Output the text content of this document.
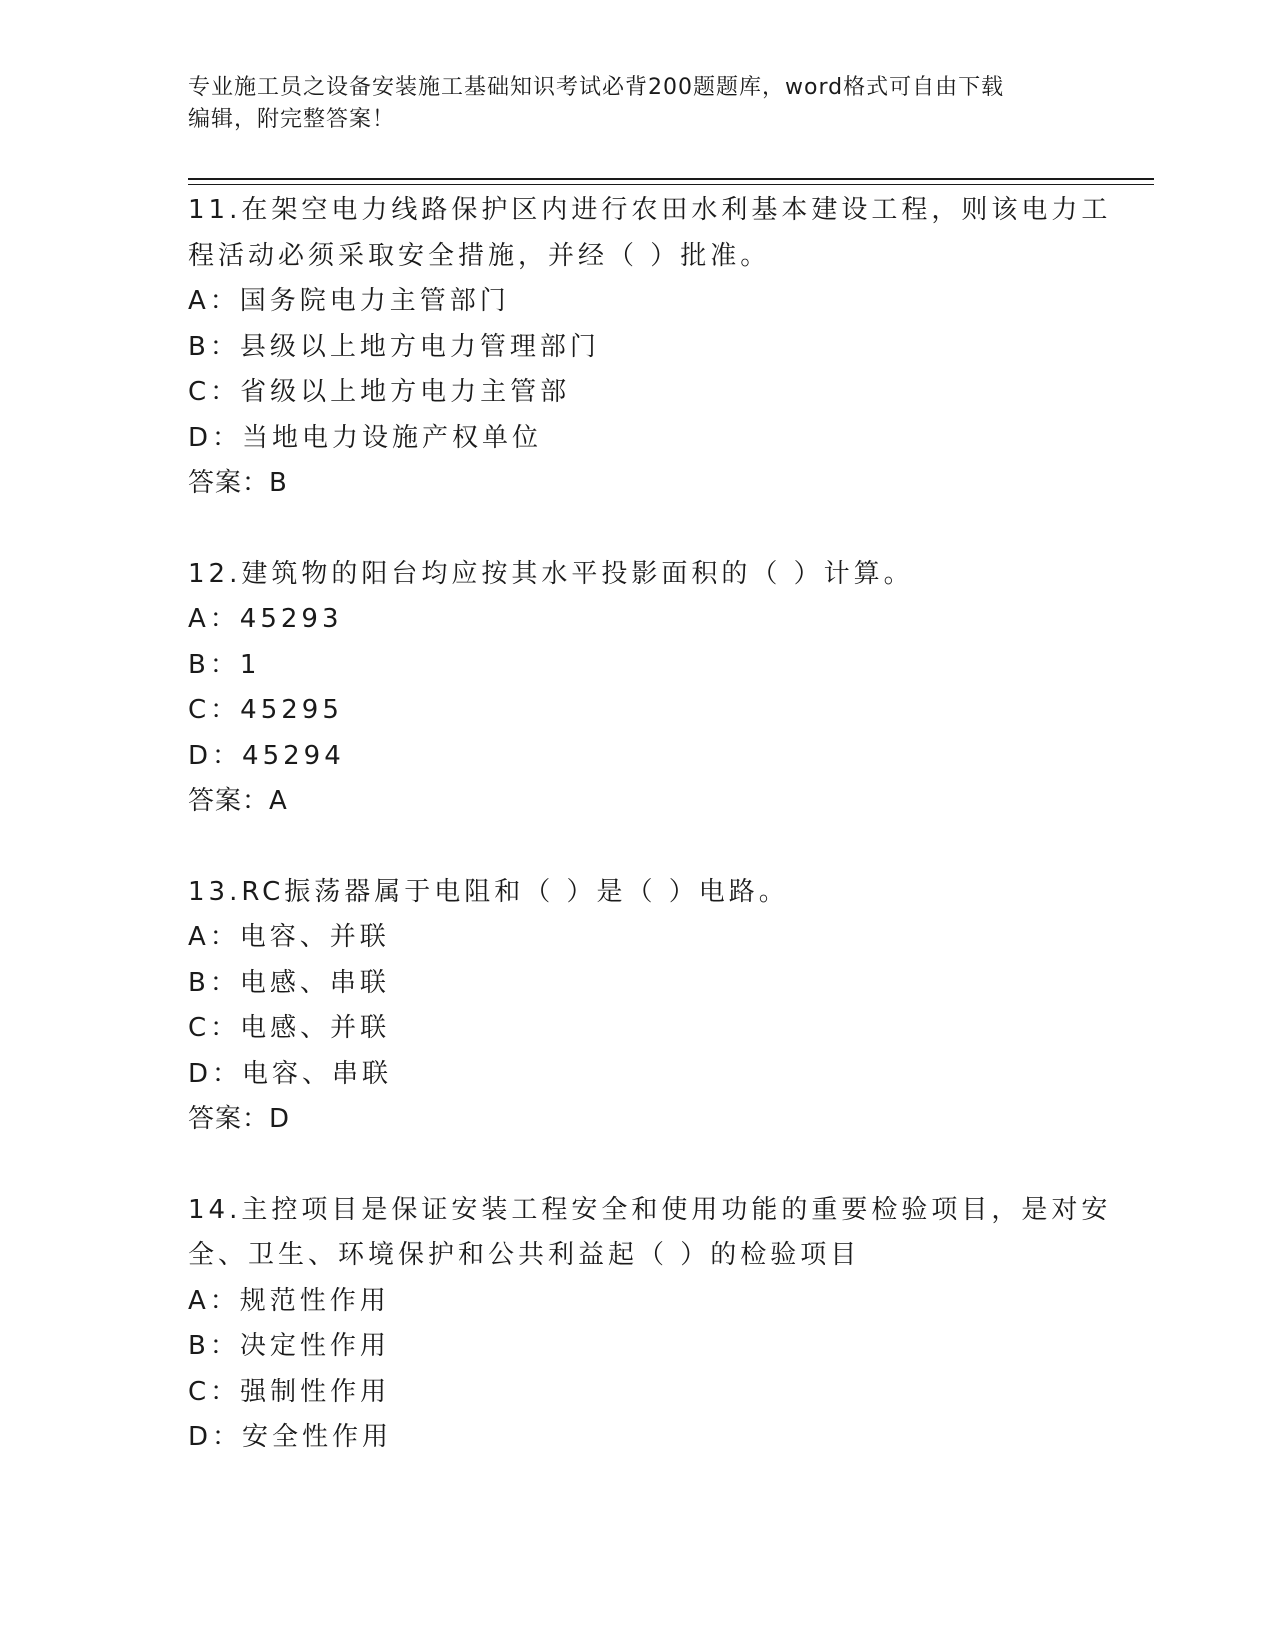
专业施工员之设备安装施工基础知识考试必背200题题库，word格式可自由下载
编辑，附完整答案！
11.在架空电力线路保护区内进行农田水利基本建设工程，则该电力工
程活动必须采取安全措施，并经（ ）批准。
A：国务院电力主管部门
B：县级以上地方电力管理部门
C：省级以上地方电力主管部
D：当地电力设施产权单位
答案：B
12.建筑物的阳台均应按其水平投影面积的（ ）计算。
A：45293
B：1
C：45295
D：45294
答案：A
13.RC振荡器属于电阻和（ ）是（ ）电路。
A：电容、并联
B：电感、串联
C：电感、并联
D：电容、串联
答案：D
14.主控项目是保证安装工程安全和使用功能的重要检验项目，是对安
全、卫生、环境保护和公共利益起（ ）的检验项目
A：规范性作用
B：决定性作用
C：强制性作用
D：安全性作用
